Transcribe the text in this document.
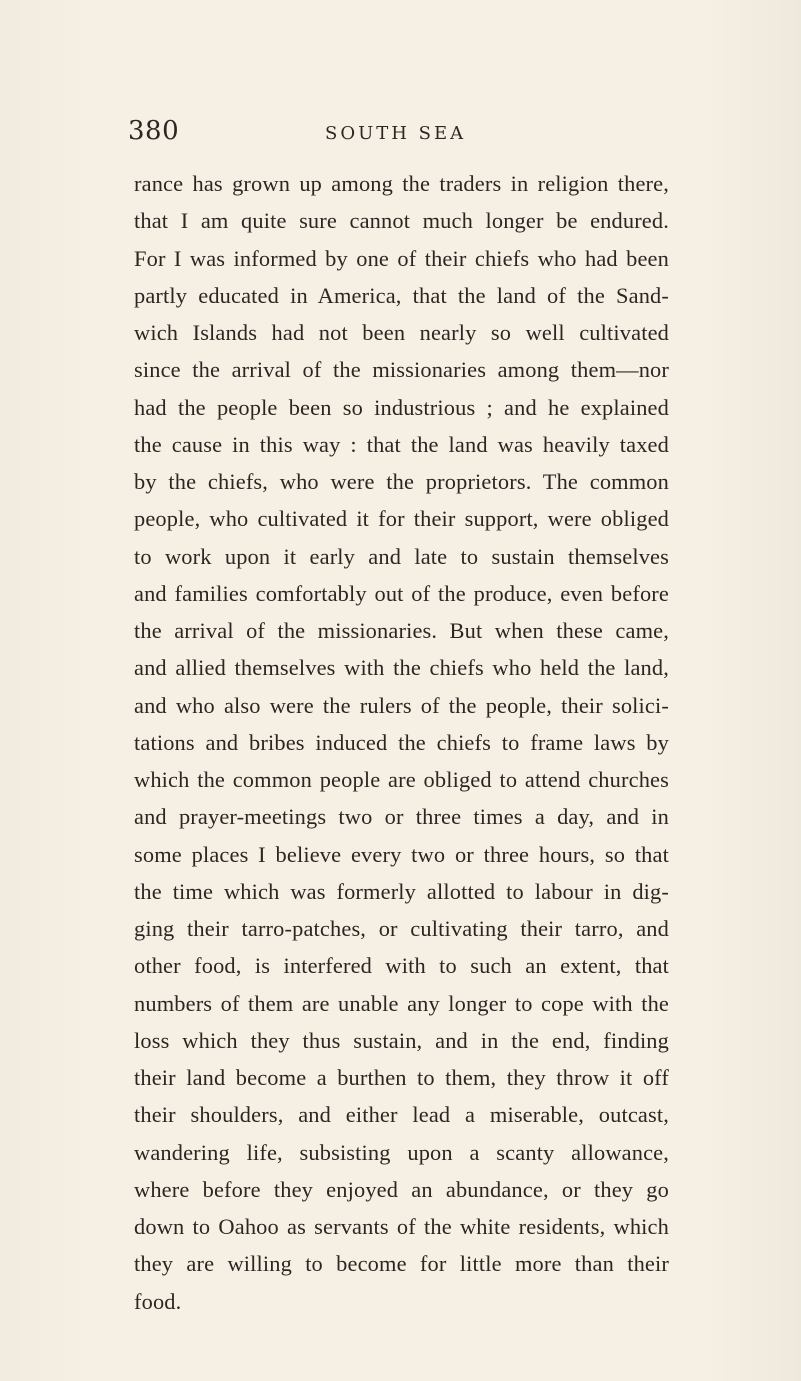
380	SOUTH SEA
rance has grown up among the traders in religion there,
that I am quite sure cannot much longer be endured.
For I was informed by one of their chiefs who had been
partly educated in America, that the land of the Sand-
wich Islands had not been nearly so well cultivated
since the arrival of the missionaries among them—nor
had the people been so industrious ; and he explained
the cause in this way : that the land was heavily taxed
by the chiefs, who were the proprietors. The common
people, who cultivated it for their support, were obliged
to work upon it early and late to sustain themselves
and families comfortably out of the produce, even before
the arrival of the missionaries. But when these came,
and allied themselves with the chiefs who held the land,
and who also were the rulers of the people, their solici-
tations and bribes induced the chiefs to frame laws by
which the common people are obliged to attend churches
and prayer-meetings two or three times a day, and in
some places I believe every two or three hours, so that
the time which was formerly allotted to labour in dig-
ging their tarro-patches, or cultivating their tarro, and
other food, is interfered with to such an extent, that
numbers of them are unable any longer to cope with the
loss which they thus sustain, and in the end, finding
their land become a burthen to them, they throw it off
their shoulders, and either lead a miserable, outcast,
wandering life, subsisting upon a scanty allowance,
where before they enjoyed an abundance, or they go
down to Oahoo as servants of the white residents, which
they are willing to become for little more than their
food.
